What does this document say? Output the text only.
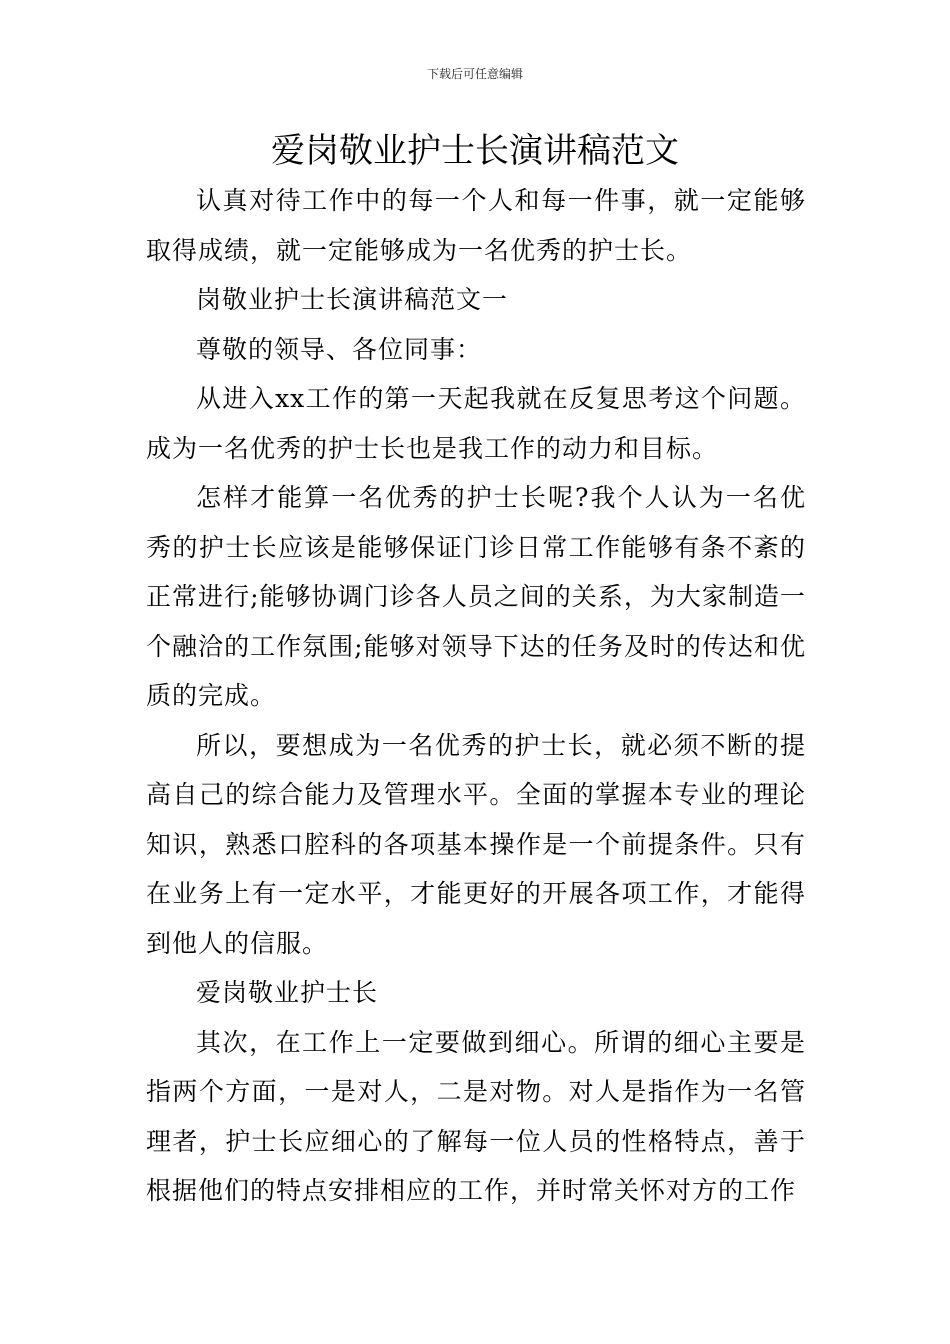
下载后可任意编辑
爱岗敬业护士长演讲稿范文

认真对待工作中的每一个人和每一件事，就一定能够取得成绩，就一定能够成为一名优秀的护士长。

岗敬业护士长演讲稿范文一

尊敬的领导、各位同事：

从进入xx工作的第一天起我就在反复思考这个问题。成为一名优秀的护士长也是我工作的动力和目标。

怎样才能算一名优秀的护士长呢?我个人认为一名优秀的护士长应该是能够保证门诊日常工作能够有条不紊的正常进行;能够协调门诊各人员之间的关系，为大家制造一个融洽的工作氛围;能够对领导下达的任务及时的传达和优质的完成。

所以，要想成为一名优秀的护士长，就必须不断的提高自己的综合能力及管理水平。全面的掌握本专业的理论知识，熟悉口腔科的各项基本操作是一个前提条件。只有在业务上有一定水平，才能更好的开展各项工作，才能得到他人的信服。

爱岗敬业护士长

其次，在工作上一定要做到细心。所谓的细心主要是指两个方面，一是对人，二是对物。对人是指作为一名管理者，护士长应细心的了解每一位人员的性格特点，善于根据他们的特点安排相应的工作，并时常关怀对方的工作
